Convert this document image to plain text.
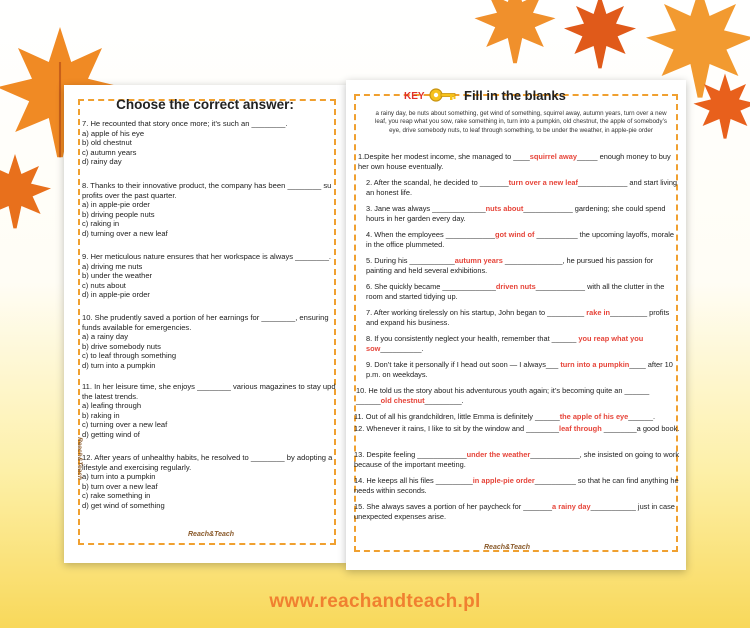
Choose the correct answer:

7. He recounted that story once more; it’s such an ________.

a) apple of his eye

b) old chestnut

c) autumn years

d) rainy day

8. Thanks to their innovative product, the company has been ________ su profits over the past quarter.

a) in apple-pie order

b) driving people nuts

c) raking in

d) turning over a new leaf

9. Her meticulous nature ensures that her workspace is always ________.

a) driving me nuts

b) under the weather

c) nuts about

d) in apple-pie order

10. She prudently saved a portion of her earnings for ________, ensuring funds available for emergencies.

a) a rainy day

b) drive somebody nuts

c) to leaf through something

d) turn into a pumpkin

11. In her leisure time, she enjoys ________ various magazines to stay upd the latest trends.

a) leafing through

b) raking in

c) turning over a new leaf

d) getting wind of

12. After years of unhealthy habits, he resolved to ________ by adopting a lifestyle and exercising regularly.

a) turn into a pumpkin

b) turn over a new leaf

c) rake something in

d) get wind of something

Reach&Teach
Reach&Teach
KEY	Fill in the blanks
a rainy day, be nuts about something, get wind of something, squirrel away, autumn years, turn over a new leaf, you reap what you sow, rake something in, turn into a pumpkin, old chestnut, the apple of somebody’s eye, drive somebody nuts, to leaf through something, to be under the weather, in apple-pie order
1.Despite her modest income, she managed to ____squirrel away_____ enough money to buy her own house eventually.
2. After the scandal, he decided to _______turn over a new leaf____________ and start living an honest life.
3. Jane was always _____________nuts about____________ gardening; she could spend hours in her garden every day.
4. When the employees ____________got wind of __________ the upcoming layoffs, morale in the office plummeted.
5. During his ___________autumn years ______________, he pursued his passion for painting and held several exhibitions.
6. She quickly became _____________driven nuts____________ with all the clutter in the room and started tidying up.
7. After working tirelessly on his startup, John began to _________ rake in_________ profits and expand his business.
8. If you consistently neglect your health, remember that ______ you reap what you sow__________.
9. Don’t take it personally if I head out soon — I always___ turn into a pumpkin____ after 10 p.m. on weekdays.
10. He told us the story about his adventurous youth again; it’s becoming quite an ______ ______old chestnut_________.
11. Out of all his grandchildren, little Emma is definitely ______the apple of his eye______.
12. Whenever it rains, I like to sit by the window and ________leaf through ________a good book.
13. Despite feeling ____________under the weather____________, she insisted on going to work because of the important meeting.
14. He keeps all his files _________in apple-pie order__________ so that he can find anything he needs within seconds.
15. She always saves a portion of her paycheck for _______a rainy day___________ just in case unexpected expenses arise.
Reach&Teach
www.reachandteach.pl
